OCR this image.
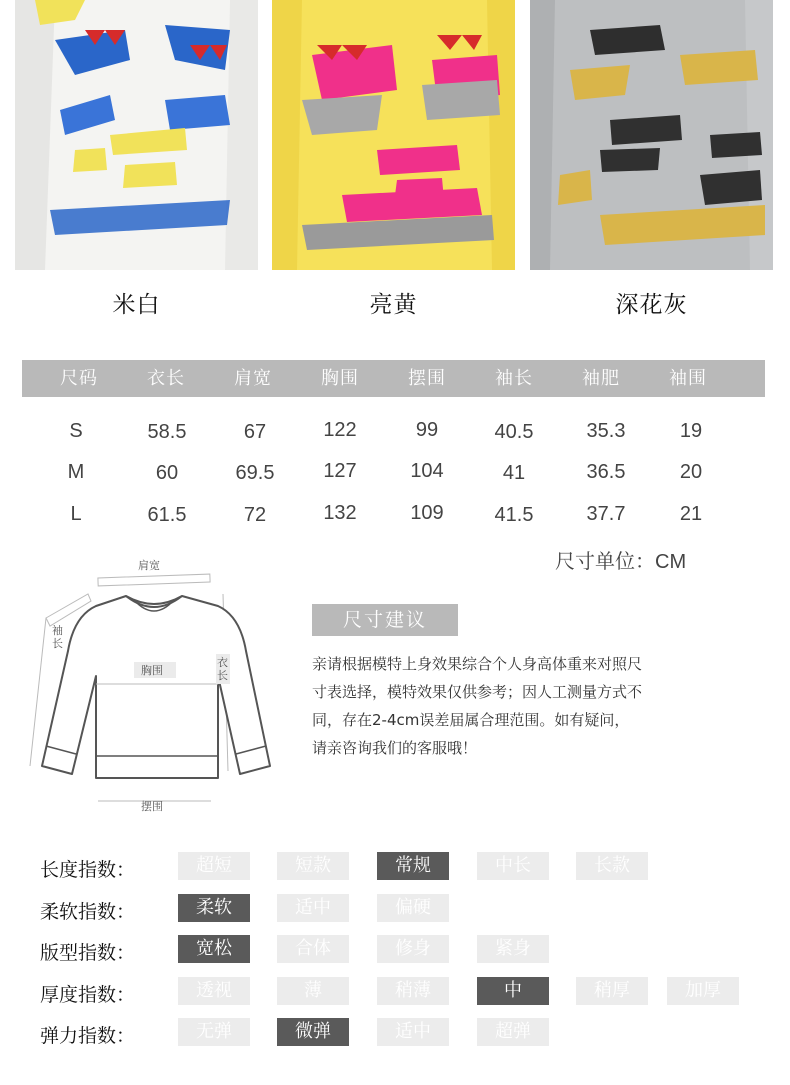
米白	亮黄	深花灰
尺码	衣长	肩宽	胸围	摆围	袖长	袖肥	袖围
S	58.5	67	122	99	40.5	35.3	19
M	60	69.5	127	104	41	36.5	20
L	61.5	72	132	109	41.5	37.7	21
尺寸单位：CM
肩宽
袖长
胸围
衣长
摆围
尺寸建议
亲请根据模特上身效果综合个人身高体重来对照尺
寸表选择，模特效果仅供参考；因人工测量方式不
同，存在2-4cm误差届属合理范围。如有疑问，
请亲咨询我们的客服哦！
长度指数：	超短	短款	常规	中长	长款
柔软指数：	柔软	适中	偏硬
版型指数：	宽松	合体	修身	紧身
厚度指数：	透视	薄	稍薄	中	稍厚	加厚
弹力指数：	无弹	微弹	适中	超弹
